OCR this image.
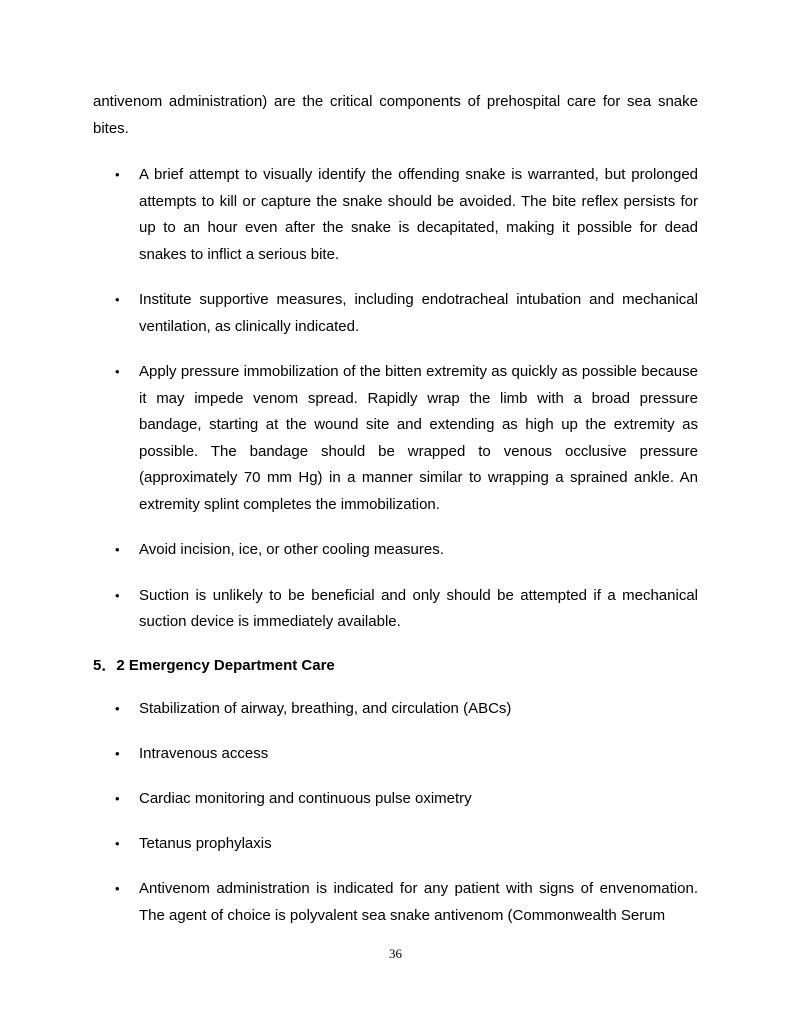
antivenom administration) are the critical components of prehospital care for sea snake bites.

• A brief attempt to visually identify the offending snake is warranted, but prolonged attempts to kill or capture the snake should be avoided. The bite reflex persists for up to an hour even after the snake is decapitated, making it possible for dead snakes to inflict a serious bite.
• Institute supportive measures, including endotracheal intubation and mechanical ventilation, as clinically indicated.
• Apply pressure immobilization of the bitten extremity as quickly as possible because it may impede venom spread. Rapidly wrap the limb with a broad pressure bandage, starting at the wound site and extending as high up the extremity as possible. The bandage should be wrapped to venous occlusive pressure (approximately 70 mm Hg) in a manner similar to wrapping a sprained ankle. An extremity splint completes the immobilization.
• Avoid incision, ice, or other cooling measures.
• Suction is unlikely to be beneficial and only should be attempted if a mechanical suction device is immediately available.
5．2 Emergency Department Care
• Stabilization of airway, breathing, and circulation (ABCs)
• Intravenous access
• Cardiac monitoring and continuous pulse oximetry
• Tetanus prophylaxis
• Antivenom administration is indicated for any patient with signs of envenomation. The agent of choice is polyvalent sea snake antivenom (Commonwealth Serum
36
